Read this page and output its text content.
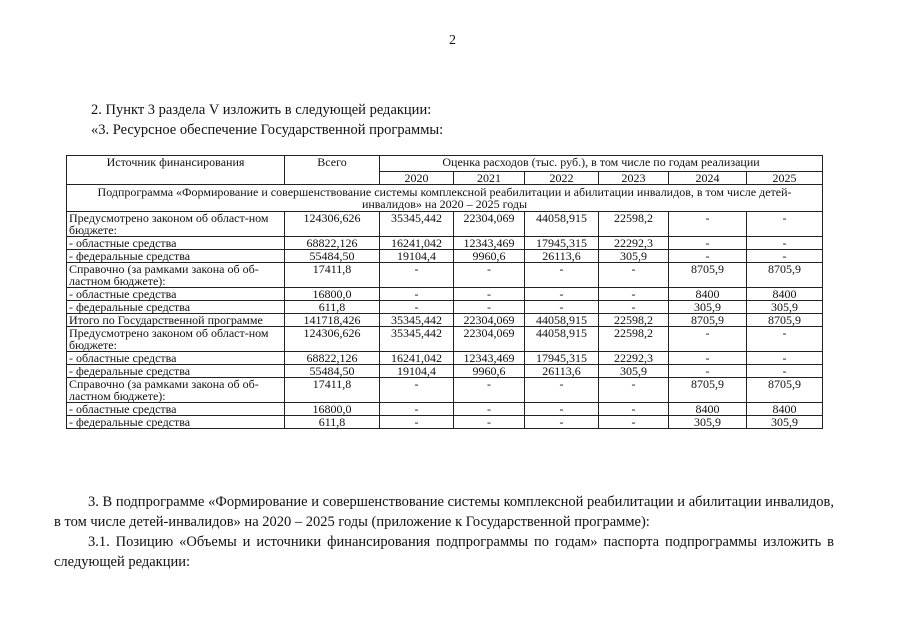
2
2. Пункт 3 раздела V изложить в следующей редакции:
«3. Ресурсное обеспечение Государственной программы:
Источник финансирования	Всего	Оценка расходов (тыс. руб.), в том числе по годам реализации					
		2020	2021	2022	2023	2024	2025
Подпрограмма «Формирование и совершенствование системы комплексной реабилитации и абилитации инвалидов, в том числе детей-инвалидов» на 2020 – 2025 годы							
Предусмотрено законом об област-ном бюджете:	124306,626	35345,442	22304,069	44058,915	22598,2	-	-
- областные средства	68822,126	16241,042	12343,469	17945,315	22292,3	-	-
- федеральные средства	55484,50	19104,4	9960,6	26113,6	305,9	-	-
Справочно (за рамками закона об об-ластном бюджете):	17411,8	-	-	-	-	8705,9	8705,9
- областные средства	16800,0	-	-	-	-	8400	8400
- федеральные средства	611,8	-	-	-	-	305,9	305,9
Итого по Государственной программе	141718,426	35345,442	22304,069	44058,915	22598,2	8705,9	8705,9
Предусмотрено законом об област-ном бюджете:	124306,626	35345,442	22304,069	44058,915	22598,2	-	-
- областные средства	68822,126	16241,042	12343,469	17945,315	22292,3	-	-
- федеральные средства	55484,50	19104,4	9960,6	26113,6	305,9	-	-
Справочно (за рамками закона об об-ластном бюджете):	17411,8	-	-	-	-	8705,9	8705,9
- областные средства	16800,0	-	-	-	-	8400	8400
- федеральные средства	611,8	-	-	-	-	305,9	305,9
3. В подпрограмме «Формирование и совершенствование системы комплексной реабилитации и абилитации инвалидов, в том числе детей-инвалидов» на 2020 – 2025 годы (приложение к Государственной программе):
3.1. Позицию «Объемы и источники финансирования подпрограммы по годам» паспорта подпрограммы изложить в следующей редакции:
